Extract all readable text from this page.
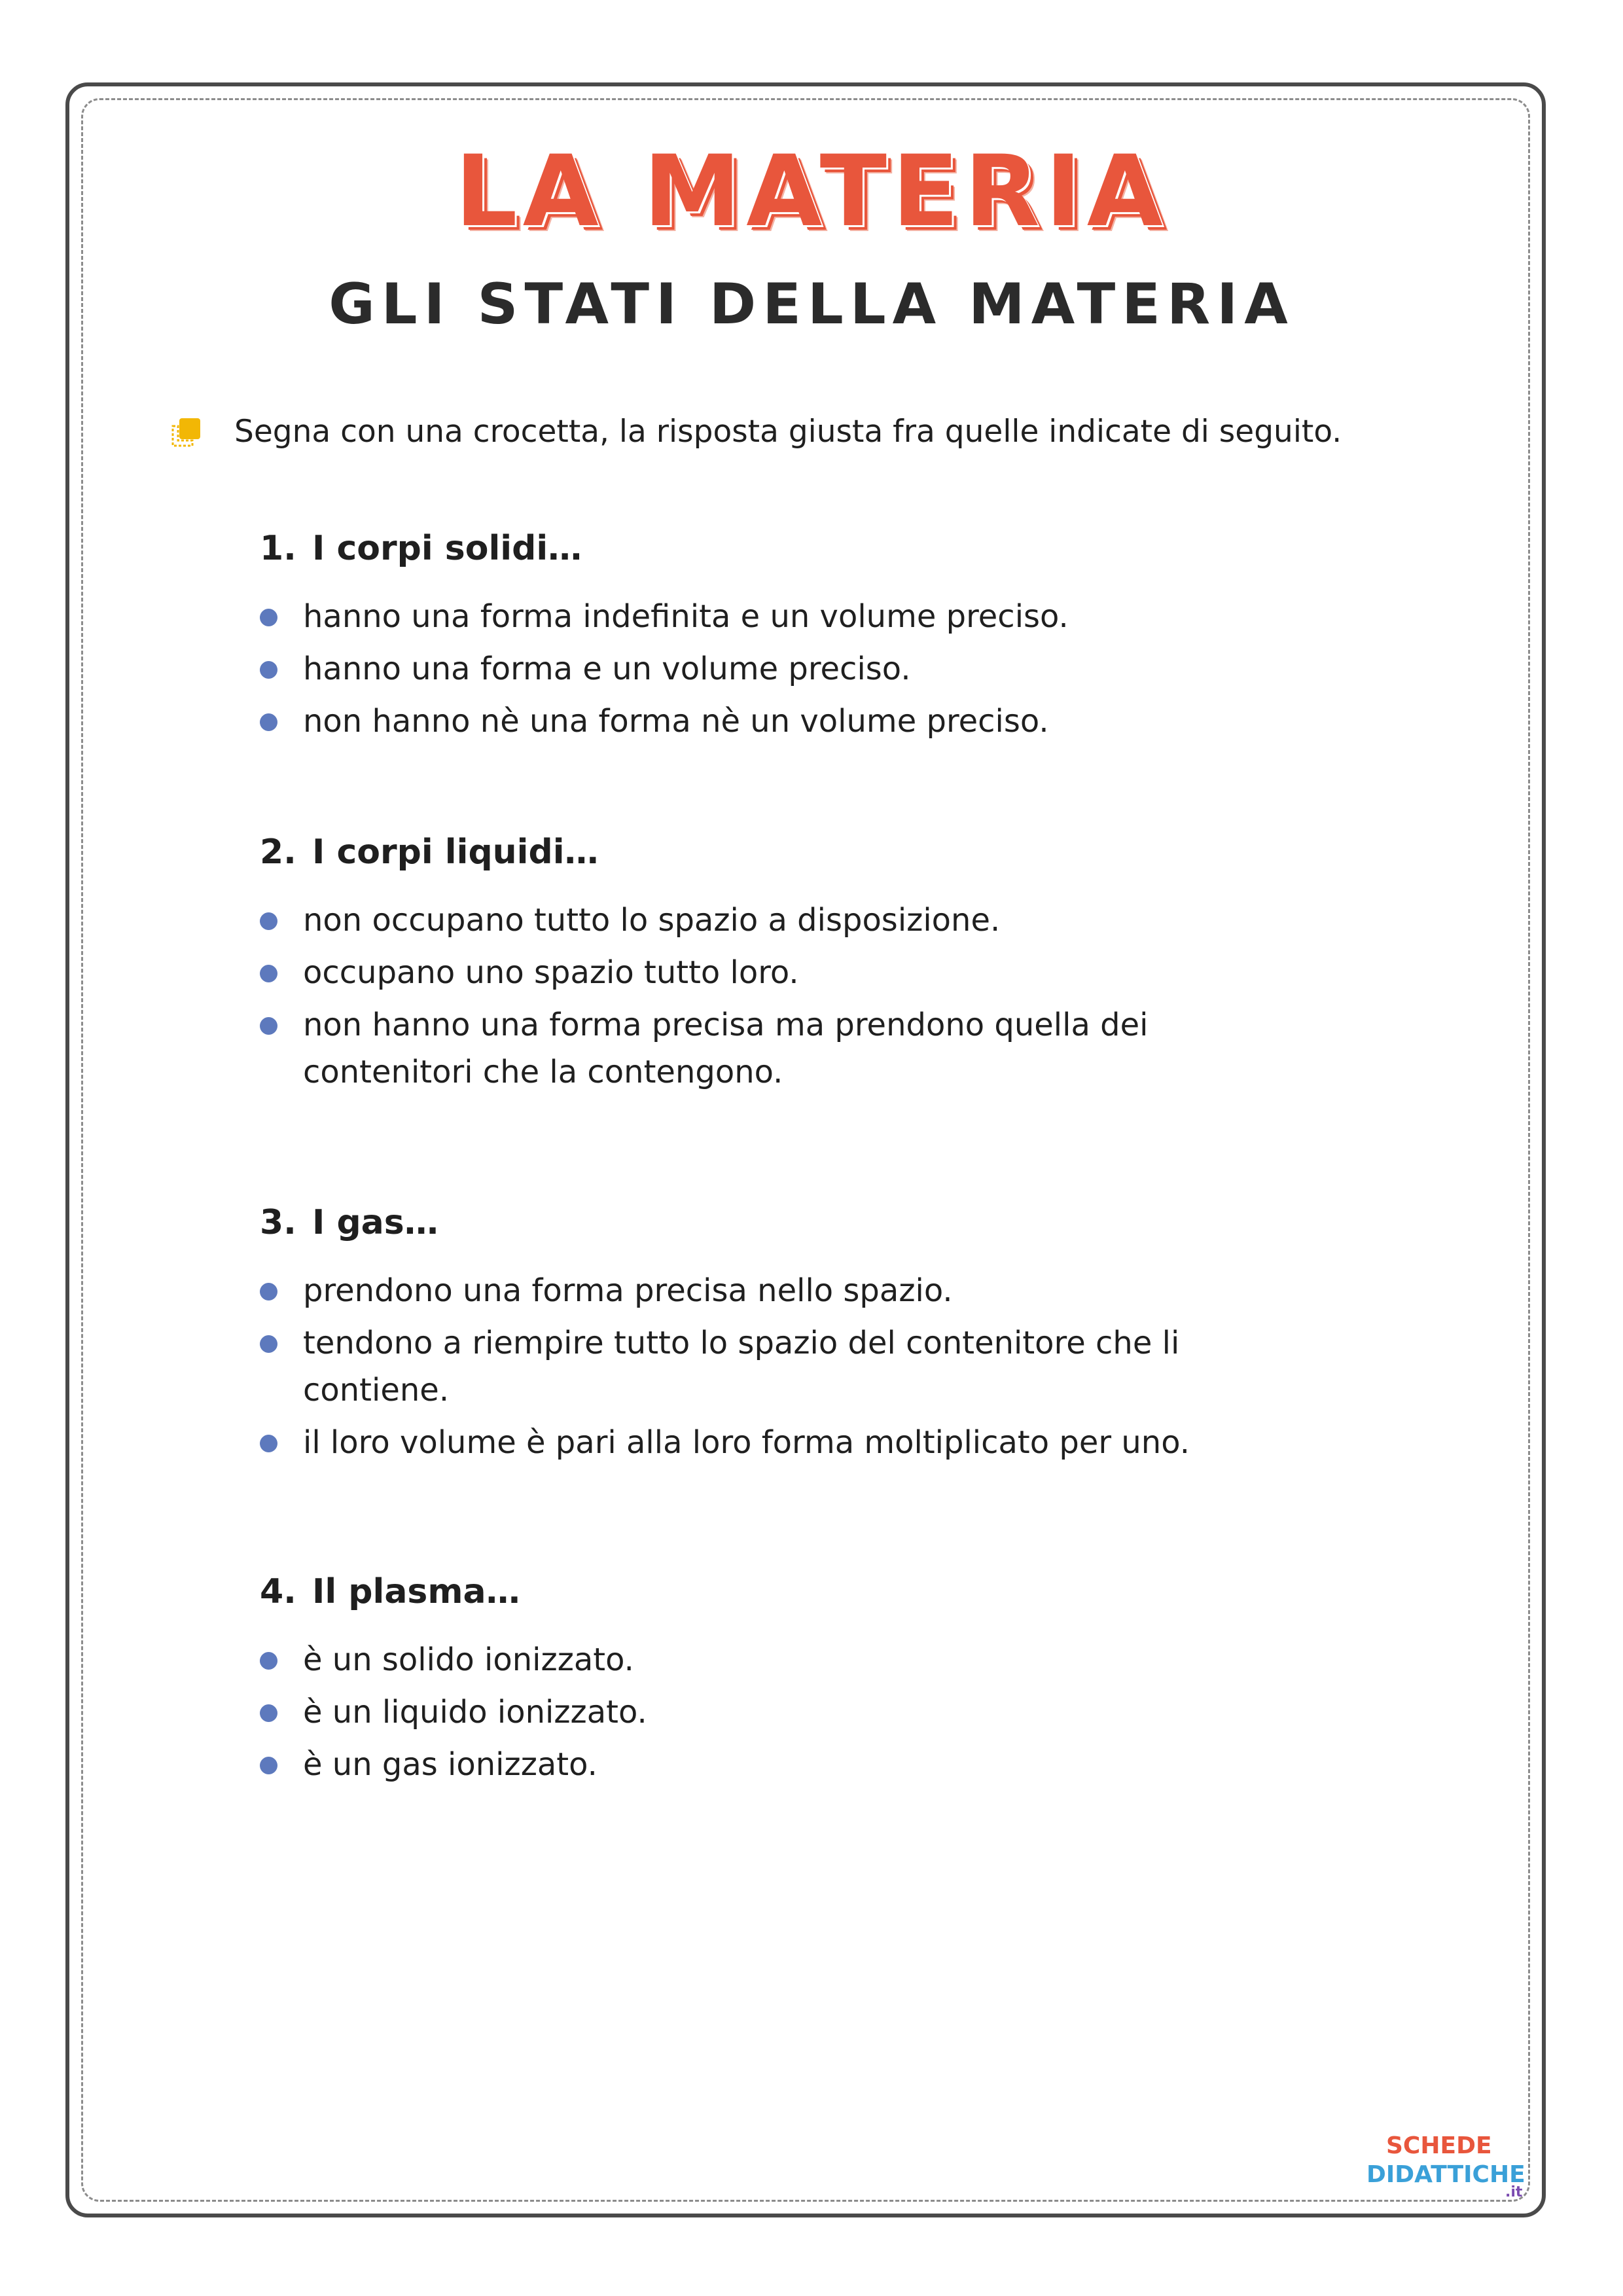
LA MATERIA
GLI STATI DELLA MATERIA
Segna con una crocetta, la risposta giusta fra quelle indicate di seguito.
1. I corpi solidi…
hanno una forma indefinita e un volume preciso.
hanno una forma e un volume preciso.
non hanno nè una forma nè un volume preciso.
2. I corpi liquidi…
non occupano tutto lo spazio a disposizione.
occupano uno spazio tutto loro.
non hanno una forma precisa ma prendono quella dei contenitori che la contengono.
3. I gas…
prendono una forma precisa nello spazio.
tendono a riempire tutto lo spazio del contenitore che li contiene.
il loro volume è pari alla loro forma moltiplicato per uno.
4. Il plasma…
è un solido ionizzato.
è un liquido ionizzato.
è un gas ionizzato.
SCHEDE
DIDATTICHE
.it
